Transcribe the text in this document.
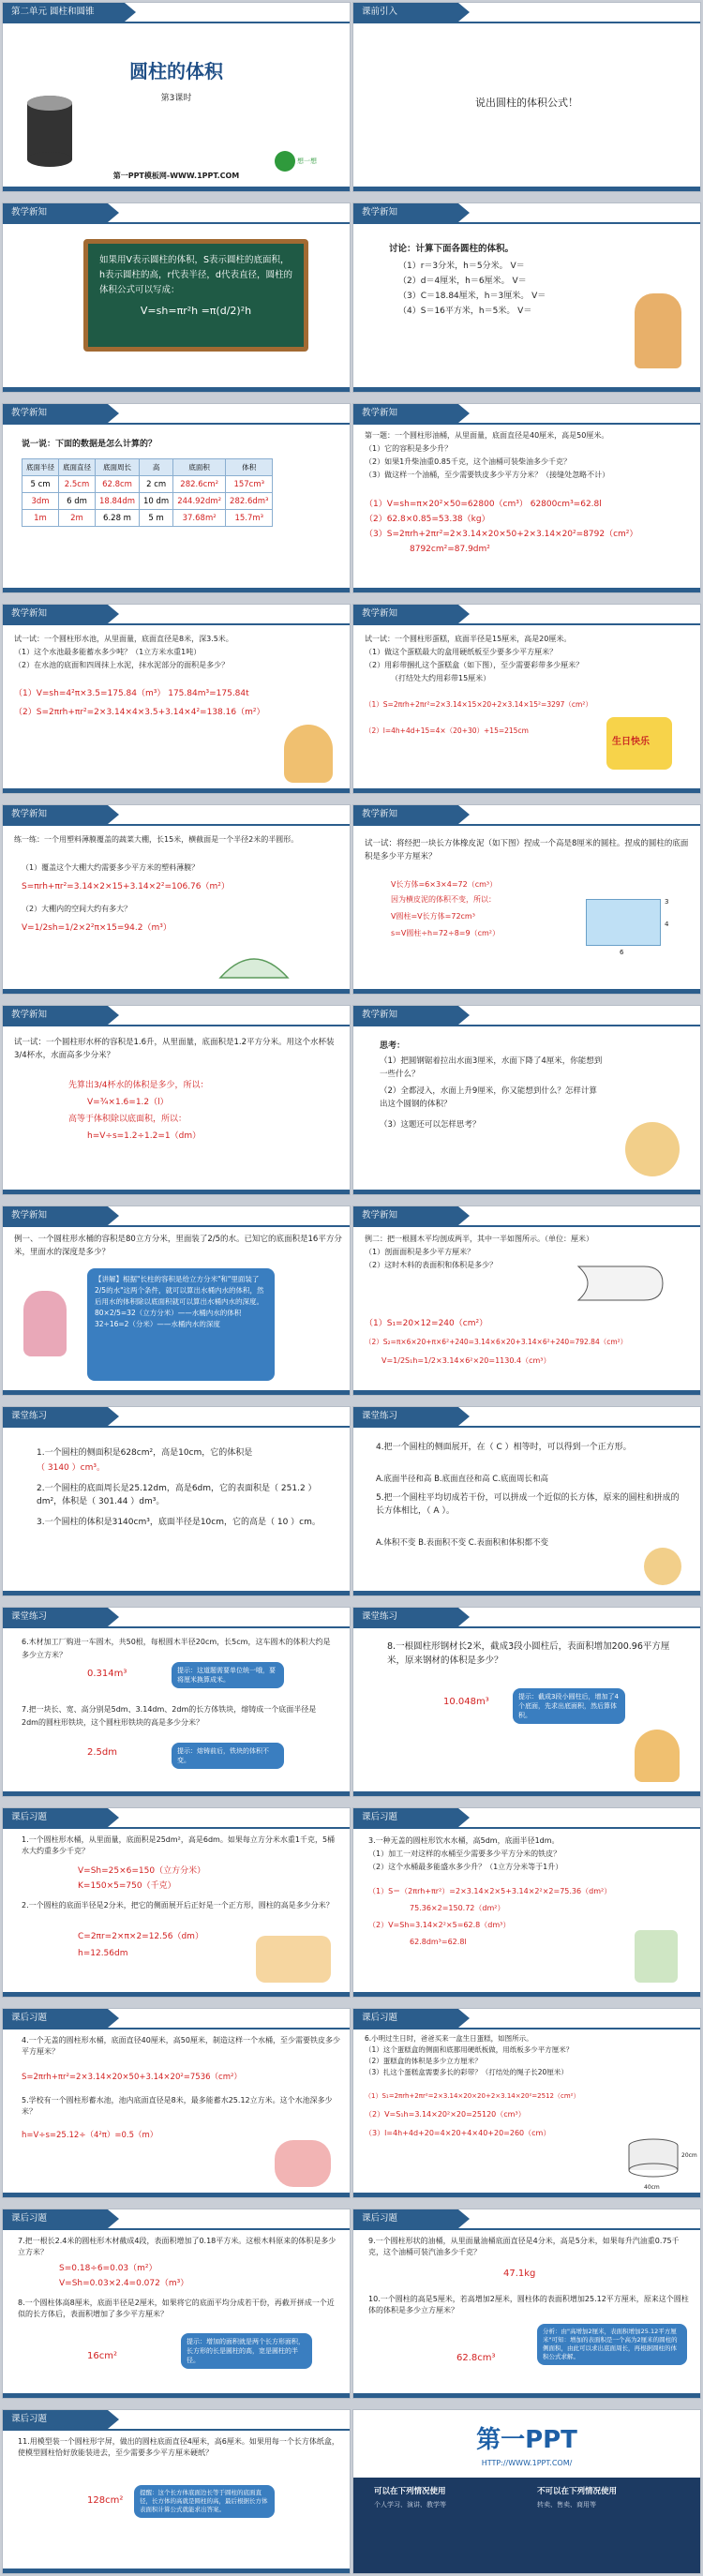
第二单元 圆柱和圆锥
圆柱的体积
第3课时
第一PPT模板网-WWW.1PPT.COM
想一想
课前引入
说出圆柱的体积公式！
教学新知
如果用V表示圆柱的体积，S表示圆柱的底面积，h表示圆柱的高，r代表半径，d代表直径，圆柱的体积公式可以写成：
V=sh=πr²h =π(d/2)²h
教学新知
讨论：计算下面各圆柱的体积。
（1）r＝3分米，h＝5分米。 V＝
（2）d＝4厘米，h＝6厘米。 V＝
（3）C＝18.84厘米，h＝3厘米。 V＝
（4）S＝16平方米，h＝5米。 V＝
教学新知
说一说：下面的数据是怎么计算的？
底面半径	底面直径	底面周长	高	底面积	体积
5 cm	2.5cm	62.8cm	2 cm	282.6cm²	157cm³
3dm	6 dm	18.84dm	10 dm	244.92dm²	282.6dm³
1m	2m	6.28 m	5 m	37.68m²	15.7m³
教学新知
第一题：一个圆柱形油桶，从里面量，底面直径是40厘米，高是50厘米。
（1）它的容积是多少升？
（2）如果1升柴油重0.85千克，这个油桶可装柴油多少千克？
（3）做这样一个油桶，至少需要铁皮多少平方分米？（接缝处忽略不计）
（1）V=sh=π×20²×50=62800（cm³） 62800cm³=62.8l
（2）62.8×0.85=53.38（kg）
（3）S=2πrh+2πr²=2×3.14×20×50+2×3.14×20²=8792（cm²）
8792cm²=87.9dm²
教学新知
试一试：一个圆柱形水池，从里面量，底面直径是8米，深3.5米。
（1）这个水池最多能蓄水多少吨？（1立方米水重1吨）
（2）在水池的底面和四周抹上水泥，抹水泥部分的面积是多少？
（1）V=sh=4²π×3.5=175.84（m³） 175.84m³=175.84t
（2）S=2πrh+πr²=2×3.14×4×3.5+3.14×4²=138.16（m²）
教学新知
试一试：一个圆柱形蛋糕，底面半径是15厘米，高是20厘米。
（1）做这个蛋糕最大的盒用硬纸板至少要多少平方厘米？
（2）用彩带捆扎这个蛋糕盒（如下图），至少需要彩带多少厘米？
（打结处大约用彩带15厘米）
（1）S=2πrh+2πr²=2×3.14×15×20+2×3.14×15²=3297（cm²）
（2）l=4h+4d+15=4×（20+30）+15=215cm
生日快乐
教学新知
练一练：一个用塑料薄膜覆盖的蔬菜大棚，长15米，横截面是一个半径2米的半圆形。
（1）覆盖这个大棚大约需要多少平方米的塑料薄膜？
S=πrh+πr²=3.14×2×15+3.14×2²=106.76（m²）
（2）大棚内的空间大约有多大？
V=1/2sh=1/2×2²π×15=94.2（m³）
教学新知
试一试：将经把一块长方体橡皮泥（如下图）捏成一个高是8厘米的圆柱。捏成的圆柱的底面积是多少平方厘米？
V长方体=6×3×4=72（cm³）
因为横皮泥的体积不变，所以：
V圆柱=V长方体=72cm³
s=V圆柱÷h=72÷8=9（cm²）
3
4
6
教学新知
试一试：一个圆柱形水杯的容积是1.6升，从里面量，底面积是1.2平方分米。用这个水杯装3/4杯水，水面高多少分米？
先算出3/4杯水的体积是多少，所以：
V=¾×1.6=1.2（l）
高等于体积除以底面积，所以：
h=V÷s=1.2÷1.2=1（dm）
教学新知
思考：
（1）把圆钢锯着拉出水面3厘米，水面下降了4厘米，你能想到一些什么？
（2）全都浸入，水面上升9厘米，你又能想到什么？怎样计算出这个圆钢的体积？
（3）这题还可以怎样思考？
教学新知
例一、一个圆柱形水桶的容积是80立方分米，里面装了2/5的水。已知它的底面积是16平方分米，里面水的深度是多少？
【讲解】根据"长柱的容积是给立方分米"和"里面装了2/5的水"这两个条件，就可以算出水桶内水的体积，然后用水的体积除以底面积就可以算出水桶内水的深度。
80×2/5=32（立方分米）——水桶内水的体积
32÷16=2（分米）——水桶内水的深度
教学新知
例二：把一根圆木平均剖成两半，其中一半如图所示。（单位：厘米）
（1）剖面面积是多少平方厘米？
（2）这时木料的表面积和体积是多少？
（1）S₁=20×12=240（cm²）
（2）S₂=π×6×20+π×6²+240=3.14×6×20+3.14×6²+240=792.84（cm²）
V=1/2S₁h=1/2×3.14×6²×20=1130.4（cm³）
课堂练习
1.一个圆柱的侧面积是628cm²，高是10cm，它的体积是
（ 3140 ）cm³。
2.一个圆柱的底面周长是25.12dm，高是6dm，它的表面积是（ 251.2 ）dm²，体积是（ 301.44 ）dm³。
3.一个圆柱的体积是3140cm³，底面半径是10cm，它的高是（ 10 ）cm。
课堂练习
4.把一个圆柱的侧面展开，在（ C ）相等时，可以得到一个正方形。
A.底面半径和高 B.底面直径和高 C.底面周长和高
5.把一个圆柱平均切成若干份，可以拼成一个近似的长方体，原来的圆柱和拼成的长方体相比，（ A ）。
A.体积不变 B.表面积不变 C.表面积和体积都不变
课堂练习
6.木材加工厂购进一车圆木，共50根，每根圆木半径20cm，长5cm，这车圆木的体积大约是多少立方米？
0.314m³
7.把一块长、宽、高分别是5dm、3.14dm、2dm的长方体铁块，熔铸成一个底面半径是2dm的圆柱形铁块，这个圆柱形铁块的高是多少分米？
2.5dm
提示：这道题需要单位统一哦，要将厘米换算成米。
提示：熔铸前后，铁块的体积不变。
课堂练习
8.一根圆柱形钢材长2米，截成3段小圆柱后，表面积增加200.96平方厘米，原来钢材的体积是多少？
10.048m³	提示：截成3段小圆柱后，增加了4个底面，先求出底面积，然后算体积。
课后习题
1.一个圆柱形水桶，从里面量，底面积是25dm²，高是6dm。如果每立方分米水重1千克，5桶水大约重多少千克？
V=Sh=25×6=150（立方分米）
K=150×5=750（千克）
2.一个圆柱的底面半径是2分米，把它的侧面展开后正好是一个正方形，圆柱的高是多少分米？
C=2πr=2×π×2=12.56（dm）
h=12.56dm
课后习题
3.一种无盖的圆柱形饮水水桶，高5dm，底面半径1dm。
（1）加工一对这样的水桶至少需要多少平方分米的铁皮？
（2）这个水桶最多能盛水多少升？（1立方分米等于1升）
（1）S＝（2πrh+πr²）=2×3.14×2×5+3.14×2²×2=75.36（dm²）
75.36×2=150.72（dm²）
（2）V=Sh=3.14×2²×5=62.8（dm³）
62.8dm³=62.8l
课后习题
4.一个无盖的圆柱形水桶，底面直径40厘米，高50厘米，制造这样一个水桶，至少需要铁皮多少平方厘米？
S=2πrh+πr²=2×3.14×20×50+3.14×20²=7536（cm²）
5.学校有一个圆柱形蓄水池，池内底面直径是8米，最多能蓄水25.12立方米。这个水池深多少米？
h=V÷s=25.12÷（4²π）=0.5（m）
课后习题
6.小明过生日时，爸爸买来一盒生日蛋糕，如图所示。
（1）这个蛋糕盒的侧面和底都用硬纸板做，用纸板多少平方厘米？
（2）蛋糕盒的体积是多少立方厘米？
（3）扎这个蛋糕盒需要多长的彩带？（打结处的绳子长20厘米）
（1）S₁=2πrh+2πr²=2×3.14×20×20+2×3.14×20²=2512（cm²）
（2）V=S₁h=3.14×20²×20=25120（cm³）
（3）l=4h+4d+20=4×20+4×40+20=260（cm）
20cm
40cm
课后习题
7.把一根长2.4米的圆柱形木材截成4段，表面积增加了0.18平方米。这根木料原来的体积是多少立方米？
S=0.18÷6=0.03（m²）
V=Sh=0.03×2.4=0.072（m³）
8.一个圆柱体高8厘米，底面半径是2厘米，如果将它的底面平均分成若干份，再截开拼成一个近似的长方体后，表面积增加了多少平方厘米？
16cm²
提示：增加的面积就是两个长方形面积，长方形的长是圆柱的高，宽是圆柱的半径。
课后习题
9.一个圆柱形状的油桶，从里面量油桶底面直径是4分米，高是5分米，如果每升汽油重0.75千克，这个油桶可装汽油多少千克？
47.1kg
10.一个圆柱的高是5厘米，若高增加2厘米，圆柱体的表面积增加25.12平方厘米，原来这个圆柱体的体积是多少立方厘米？
62.8cm³
分析：由"高增加2厘米，表面积增加25.12平方厘米"可知：增加的表面积是一个高为2厘米的圆柱的侧面积，由此可以求出底面周长，再根据圆柱的体积公式求解。
课后习题
11.用模型装一个圆柱形字屏，做出的圆柱底面直径4厘米，高6厘米。如果用每一个长方体纸盒，使模型圆柱恰好放能装进去，至少需要多少平方厘米硬纸？
128cm²
提醒：这个长方体底面边长等于圆柱的底面直径，长方体的高就是圆柱的高，最后根据长方体表面积计算公式就能求出答案。
第一PPT
HTTP://WWW.1PPT.COM/
可以在下列情况使用
个人学习、演讲、教学等
不可以在下列情况使用
转卖、售卖、商用等
